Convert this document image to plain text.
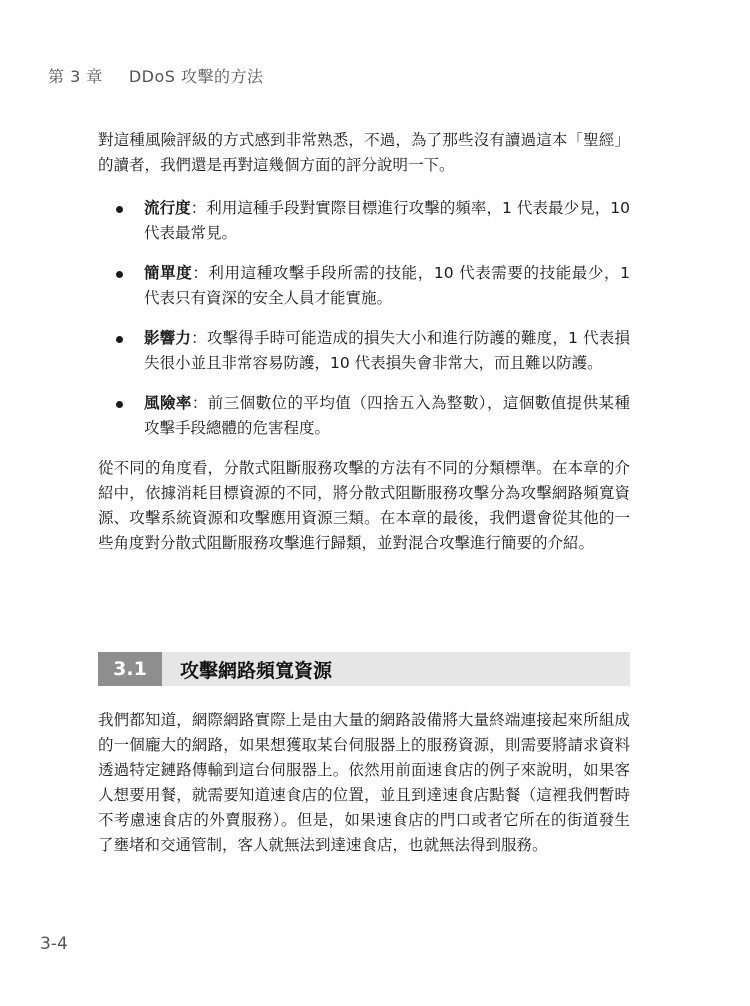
第 3 章 DDoS 攻擊的方法

對這種風險評級的方式感到非常熟悉，不過，為了那些沒有讀過這本「聖經」的讀者，我們還是再對這幾個方面的評分說明一下。

流行度：利用這種手段對實際目標進行攻擊的頻率，1 代表最少見，10 代表最常見。
簡單度：利用這種攻擊手段所需的技能，10 代表需要的技能最少，1 代表只有資深的安全人員才能實施。
影響力：攻擊得手時可能造成的損失大小和進行防護的難度，1 代表損失很小並且非常容易防護，10 代表損失會非常大，而且難以防護。
風險率：前三個數位的平均值（四捨五入為整數），這個數值提供某種攻擊手段總體的危害程度。

從不同的角度看，分散式阻斷服務攻擊的方法有不同的分類標準。在本章的介紹中，依據消耗目標資源的不同，將分散式阻斷服務攻擊分為攻擊網路頻寬資源、攻擊系統資源和攻擊應用資源三類。在本章的最後，我們還會從其他的一些角度對分散式阻斷服務攻擊進行歸類，並對混合攻擊進行簡要的介紹。

3.1	攻擊網路頻寬資源

我們都知道，網際網路實際上是由大量的網路設備將大量終端連接起來所組成的一個龐大的網路，如果想獲取某台伺服器上的服務資源，則需要將請求資料透過特定鏈路傳輸到這台伺服器上。依然用前面速食店的例子來說明，如果客人想要用餐，就需要知道速食店的位置，並且到達速食店點餐（這裡我們暫時不考慮速食店的外賣服務）。但是，如果速食店的門口或者它所在的街道發生了壅堵和交通管制，客人就無法到達速食店，也就無法得到服務。

3-4
